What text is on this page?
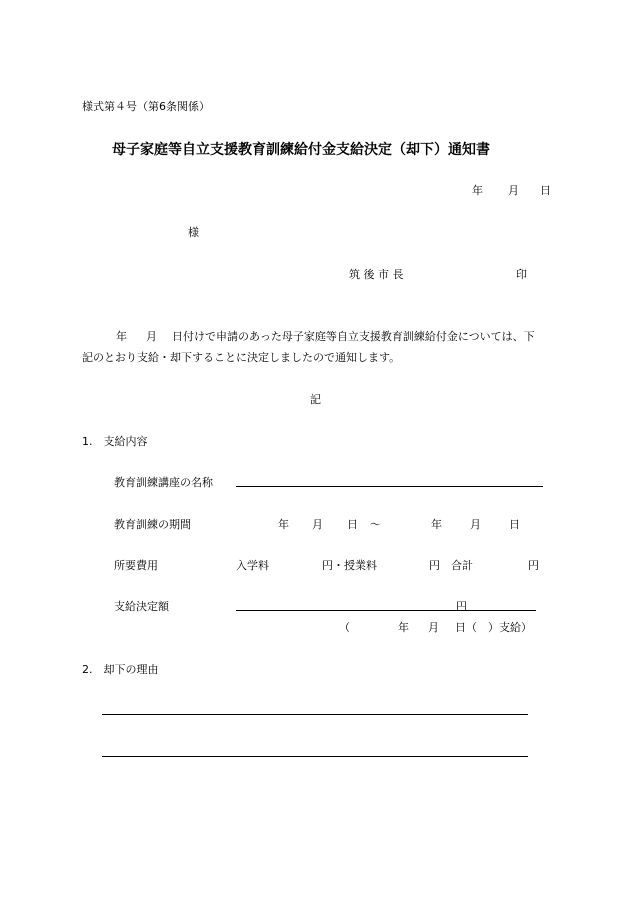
様式第４号（第6条関係）
母子家庭等自立支援教育訓練給付金支給決定（却下）通知書
年 月 日
様
筑 後 市 長	印
年 月 日付けで申請のあった母子家庭等自立支援教育訓練給付金については、下
記のとおり支給・却下することに決定しましたので通知します。
記
1.　支給内容
教育訓練講座の名称
教育訓練の期間	年 月 日 ～	年	月	日
所要費用	入学料	円・授業料	円　合計	円
支給決定額	円
（	年 月 日（　）支給）
2.　却下の理由
